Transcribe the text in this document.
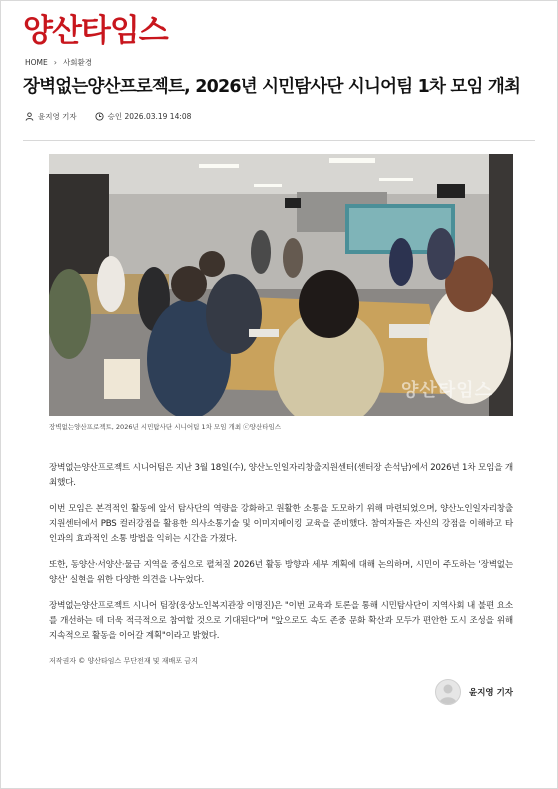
양산타임스
HOME › 사회환경
장벽없는양산프로젝트, 2026년 시민탐사단 시니어팀 1차 모임 개최
윤지영 기자	승인 2026.03.19 14:08
양산타임스
장벽없는양산프로젝트, 2026년 시민탐사단 시니어팀 1차 모임 개최 ⓒ양산타임스

장벽없는양산프로젝트 시니어팀은 지난 3월 18일(수), 양산노인일자리창출지원센터(센터장 손석남)에서 2026년 1차 모임을 개최했다.

이번 모임은 본격적인 활동에 앞서 탐사단의 역량을 강화하고 원활한 소통을 도모하기 위해 마련되었으며, 양산노인일자리창출지원센터에서 PBS 컬러강점을 활용한 의사소통기술 및 이미지메이킹 교육을 준비했다. 참여자들은 자신의 강점을 이해하고 타인과의 효과적인 소통 방법을 익히는 시간을 가졌다.

또한, 동양산·서양산·물금 지역을 중심으로 펼쳐질 2026년 활동 방향과 세부 계획에 대해 논의하며, 시민이 주도하는 '장벽없는 양산' 실현을 위한 다양한 의견을 나누었다.

장벽없는양산프로젝트 시니어 팀장(웅상노인복지관장 이명진)은 "이번 교육과 토론을 통해 시민탐사단이 지역사회 내 불편 요소를 개선하는 데 더욱 적극적으로 참여할 것으로 기대된다"며 "앞으로도 속도 존중 문화 확산과 모두가 편안한 도시 조성을 위해 지속적으로 활동을 이어갈 계획"이라고 밝혔다.

저작권자 © 양산타임스 무단전재 및 재배포 금지
윤지영 기자
